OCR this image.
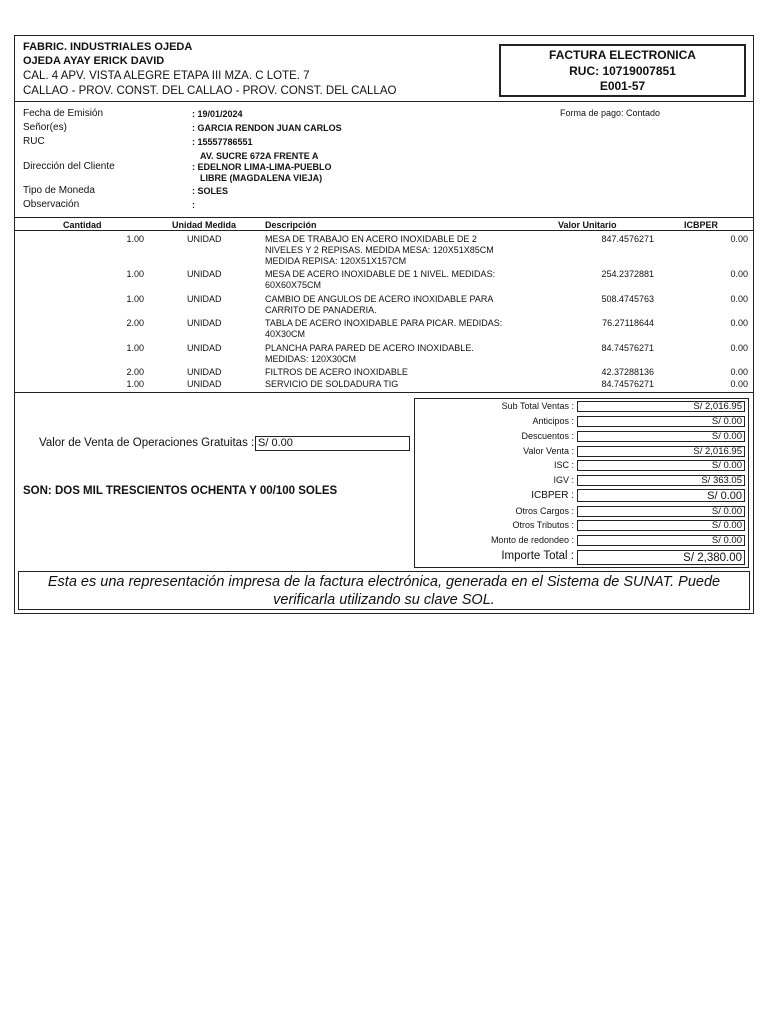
FABRIC. INDUSTRIALES OJEDA
OJEDA AYAY ERICK DAVID
CAL. 4 APV. VISTA ALEGRE ETAPA III MZA. C LOTE. 7
CALLAO - PROV. CONST. DEL CALLAO - PROV. CONST. DEL CALLAO
FACTURA ELECTRONICA
RUC: 10719007851
E001-57
Fecha de Emisión	: 19/01/2024	Forma de pago: Contado
Señor(es)	: GARCIA RENDON JUAN CARLOS
RUC	: 15557786551
Dirección del Cliente
AV. SUCRE 672A FRENTE A
: EDELNOR LIMA-LIMA-PUEBLO
LIBRE (MAGDALENA VIEJA)
Tipo de Moneda	: SOLES
Observación	:
Cantidad	Unidad Medida	Descripción	Valor Unitario	ICBPER
1.00	UNIDAD	MESA DE TRABAJO EN ACERO INOXIDABLE DE 2
NIVELES Y 2 REPISAS. MEDIDA MESA: 120X51X85CM
MEDIDA REPISA: 120X51X157CM
847.4576271	0.00
1.00	UNIDAD	MESA DE ACERO INOXIDABLE DE 1 NIVEL. MEDIDAS:
60X60X75CM
254.2372881	0.00
1.00	UNIDAD	CAMBIO DE ANGULOS DE ACERO INOXIDABLE PARA
CARRITO DE PANADERIA.
508.4745763	0.00
2.00	UNIDAD	TABLA DE ACERO INOXIDABLE PARA PICAR. MEDIDAS:
40X30CM
76.27118644	0.00
1.00	UNIDAD	PLANCHA PARA PARED DE ACERO INOXIDABLE.
MEDIDAS: 120X30CM
84.74576271	0.00
2.00	UNIDAD	FILTROS DE ACERO INOXIDABLE	42.37288136	0.00
1.00	UNIDAD	SERVICIO DE SOLDADURA TIG	84.74576271	0.00
Valor de Venta de Operaciones Gratuitas : S/ 0.00
SON: DOS MIL TRESCIENTOS OCHENTA Y 00/100 SOLES
Sub Total Ventas :	S/ 2,016.95
Anticipos :	S/ 0.00
Descuentos :	S/ 0.00
Valor Venta :	S/ 2,016.95
ISC :	S/ 0.00
IGV :	S/ 363.05
ICBPER :	S/ 0.00
Otros Cargos :	S/ 0.00
Otros Tributos :	S/ 0.00
Monto de redondeo :	S/ 0.00
Importe Total :	S/ 2,380.00
Esta es una representación impresa de la factura electrónica, generada en el Sistema de SUNAT. Puede verificarla utilizando su clave SOL.
